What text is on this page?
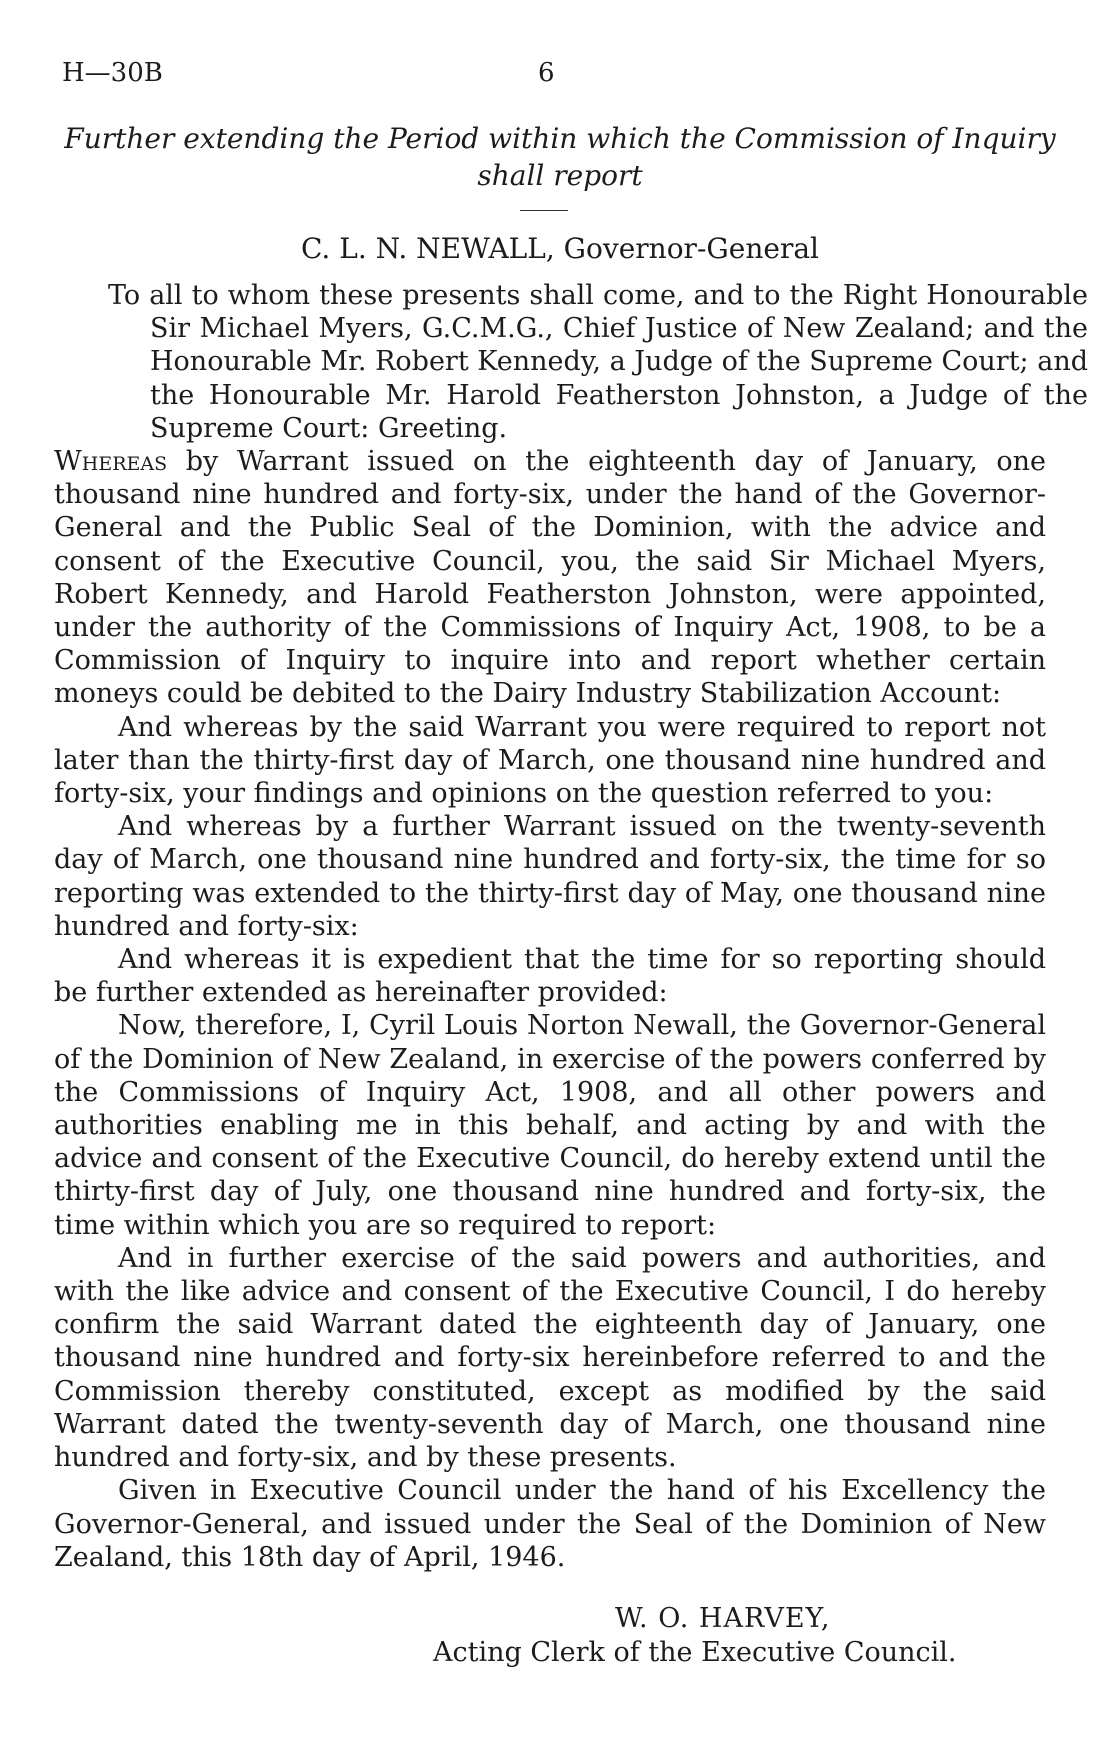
H—30B	6
Further extending the Period within which the Commission of Inquiry
shall report
C. L. N. NEWALL, Governor-General
To all to whom these presents shall come, and to the Right Honourable Sir Michael Myers, G.C.M.G., Chief Justice of New Zealand; and the Honourable Mr. Robert Kennedy, a Judge of the Supreme Court; and the Honourable Mr. Harold Featherston Johnston, a Judge of the Supreme Court: Greeting.

Whereas by Warrant issued on the eighteenth day of January, one thousand nine hundred and forty-six, under the hand of the Governor-General and the Public Seal of the Dominion, with the advice and consent of the Executive Council, you, the said Sir Michael Myers, Robert Kennedy, and Harold Featherston Johnston, were appointed, under the authority of the Commissions of Inquiry Act, 1908, to be a Commission of Inquiry to inquire into and report whether certain moneys could be debited to the Dairy Industry Stabilization Account:

And whereas by the said Warrant you were required to report not later than the thirty-first day of March, one thousand nine hundred and forty-six, your findings and opinions on the question referred to you:

And whereas by a further Warrant issued on the twenty-seventh day of March, one thousand nine hundred and forty-six, the time for so reporting was extended to the thirty-first day of May, one thousand nine hundred and forty-six:

And whereas it is expedient that the time for so reporting should be further extended as hereinafter provided:

Now, therefore, I, Cyril Louis Norton Newall, the Governor-General of the Dominion of New Zealand, in exercise of the powers conferred by the Commissions of Inquiry Act, 1908, and all other powers and authorities enabling me in this behalf, and acting by and with the advice and consent of the Executive Council, do hereby extend until the thirty-first day of July, one thousand nine hundred and forty-six, the time within which you are so required to report:

And in further exercise of the said powers and authorities, and with the like advice and consent of the Executive Council, I do hereby confirm the said Warrant dated the eighteenth day of January, one thousand nine hundred and forty-six hereinbefore referred to and the Commission thereby constituted, except as modified by the said Warrant dated the twenty-seventh day of March, one thousand nine hundred and forty-six, and by these presents.

Given in Executive Council under the hand of his Excellency the Governor-General, and issued under the Seal of the Dominion of New Zealand, this 18th day of April, 1946.

W. O. HARVEY,
Acting Clerk of the Executive Council.
